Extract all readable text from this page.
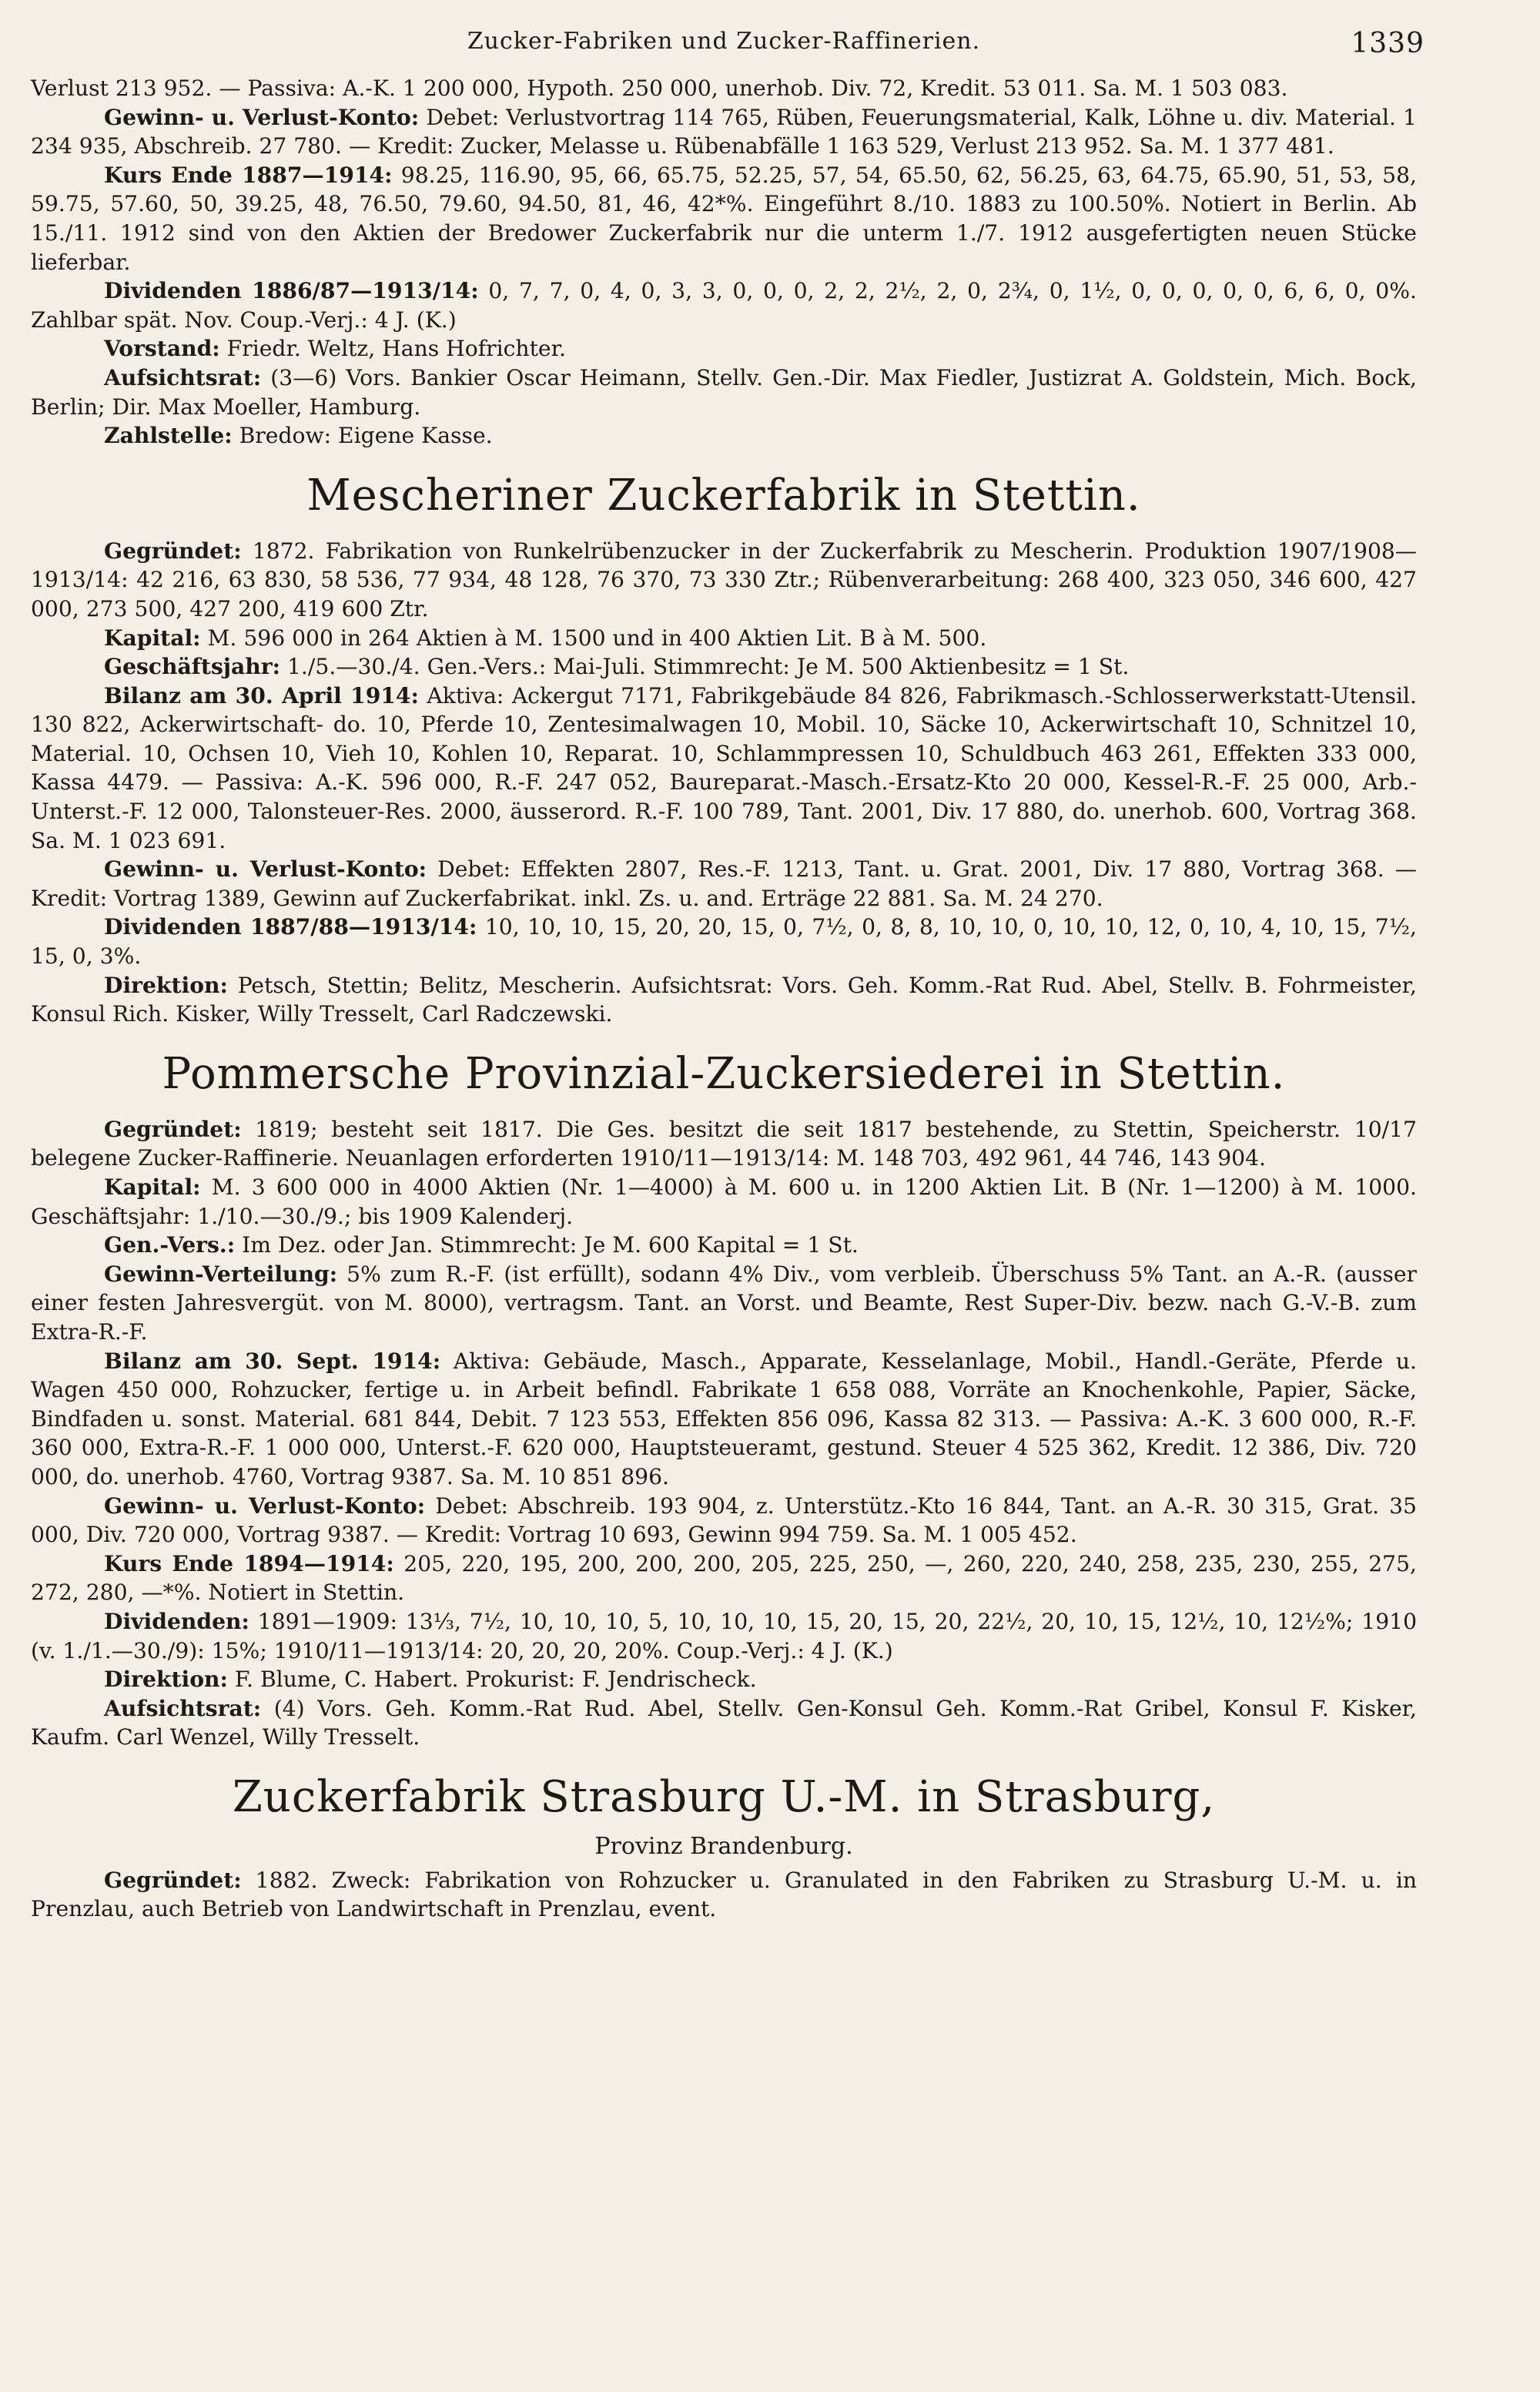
Zucker-Fabriken und Zucker-Raffinerien.	1339

Verlust 213 952. — Passiva: A.-K. 1 200 000, Hypoth. 250 000, unerhob. Div. 72, Kredit. 53 011. Sa. M. 1 503 083.

Gewinn- u. Verlust-Konto: Debet: Verlustvortrag 114 765, Rüben, Feuerungsmaterial, Kalk, Löhne u. div. Material. 1 234 935, Abschreib. 27 780. — Kredit: Zucker, Melasse u. Rübenabfälle 1 163 529, Verlust 213 952. Sa. M. 1 377 481.

Kurs Ende 1887—1914: 98.25, 116.90, 95, 66, 65.75, 52.25, 57, 54, 65.50, 62, 56.25, 63, 64.75, 65.90, 51, 53, 58, 59.75, 57.60, 50, 39.25, 48, 76.50, 79.60, 94.50, 81, 46, 42*%. Eingeführt 8./10. 1883 zu 100.50%. Notiert in Berlin. Ab 15./11. 1912 sind von den Aktien der Bredower Zuckerfabrik nur die unterm 1./7. 1912 ausgefertigten neuen Stücke lieferbar.

Dividenden 1886/87—1913/14: 0, 7, 7, 0, 4, 0, 3, 3, 0, 0, 0, 2, 2, 2½, 2, 0, 2¾, 0, 1½, 0, 0, 0, 0, 0, 6, 6, 0, 0%. Zahlbar spät. Nov. Coup.-Verj.: 4 J. (K.)

Vorstand: Friedr. Weltz, Hans Hofrichter.

Aufsichtsrat: (3—6) Vors. Bankier Oscar Heimann, Stellv. Gen.-Dir. Max Fiedler, Justizrat A. Goldstein, Mich. Bock, Berlin; Dir. Max Moeller, Hamburg.

Zahlstelle: Bredow: Eigene Kasse.

Mescheriner Zuckerfabrik in Stettin.

Gegründet: 1872. Fabrikation von Runkelrübenzucker in der Zuckerfabrik zu Mescherin. Produktion 1907/1908—1913/14: 42 216, 63 830, 58 536, 77 934, 48 128, 76 370, 73 330 Ztr.; Rübenverarbeitung: 268 400, 323 050, 346 600, 427 000, 273 500, 427 200, 419 600 Ztr.

Kapital: M. 596 000 in 264 Aktien à M. 1500 und in 400 Aktien Lit. B à M. 500.

Geschäftsjahr: 1./5.—30./4. Gen.-Vers.: Mai-Juli. Stimmrecht: Je M. 500 Aktienbesitz = 1 St.

Bilanz am 30. April 1914: Aktiva: Ackergut 7171, Fabrikgebäude 84 826, Fabrikmasch.-Schlosserwerkstatt-Utensil. 130 822, Ackerwirtschaft- do. 10, Pferde 10, Zentesimalwagen 10, Mobil. 10, Säcke 10, Ackerwirtschaft 10, Schnitzel 10, Material. 10, Ochsen 10, Vieh 10, Kohlen 10, Reparat. 10, Schlammpressen 10, Schuldbuch 463 261, Effekten 333 000, Kassa 4479. — Passiva: A.-K. 596 000, R.-F. 247 052, Baureparat.-Masch.-Ersatz-Kto 20 000, Kessel-R.-F. 25 000, Arb.-Unterst.-F. 12 000, Talonsteuer-Res. 2000, äusserord. R.-F. 100 789, Tant. 2001, Div. 17 880, do. unerhob. 600, Vortrag 368. Sa. M. 1 023 691.

Gewinn- u. Verlust-Konto: Debet: Effekten 2807, Res.-F. 1213, Tant. u. Grat. 2001, Div. 17 880, Vortrag 368. — Kredit: Vortrag 1389, Gewinn auf Zuckerfabrikat. inkl. Zs. u. and. Erträge 22 881. Sa. M. 24 270.

Dividenden 1887/88—1913/14: 10, 10, 10, 15, 20, 20, 15, 0, 7½, 0, 8, 8, 10, 10, 0, 10, 10, 12, 0, 10, 4, 10, 15, 7½, 15, 0, 3%.

Direktion: Petsch, Stettin; Belitz, Mescherin. Aufsichtsrat: Vors. Geh. Komm.-Rat Rud. Abel, Stellv. B. Fohrmeister, Konsul Rich. Kisker, Willy Tresselt, Carl Radczewski.

Pommersche Provinzial-Zuckersiederei in Stettin.

Gegründet: 1819; besteht seit 1817. Die Ges. besitzt die seit 1817 bestehende, zu Stettin, Speicherstr. 10/17 belegene Zucker-Raffinerie. Neuanlagen erforderten 1910/11—1913/14: M. 148 703, 492 961, 44 746, 143 904.

Kapital: M. 3 600 000 in 4000 Aktien (Nr. 1—4000) à M. 600 u. in 1200 Aktien Lit. B (Nr. 1—1200) à M. 1000. Geschäftsjahr: 1./10.—30./9.; bis 1909 Kalenderj.

Gen.-Vers.: Im Dez. oder Jan. Stimmrecht: Je M. 600 Kapital = 1 St.

Gewinn-Verteilung: 5% zum R.-F. (ist erfüllt), sodann 4% Div., vom verbleib. Überschuss 5% Tant. an A.-R. (ausser einer festen Jahresvergüt. von M. 8000), vertragsm. Tant. an Vorst. und Beamte, Rest Super-Div. bezw. nach G.-V.-B. zum Extra-R.-F.

Bilanz am 30. Sept. 1914: Aktiva: Gebäude, Masch., Apparate, Kesselanlage, Mobil., Handl.-Geräte, Pferde u. Wagen 450 000, Rohzucker, fertige u. in Arbeit befindl. Fabrikate 1 658 088, Vorräte an Knochenkohle, Papier, Säcke, Bindfaden u. sonst. Material. 681 844, Debit. 7 123 553, Effekten 856 096, Kassa 82 313. — Passiva: A.-K. 3 600 000, R.-F. 360 000, Extra-R.-F. 1 000 000, Unterst.-F. 620 000, Hauptsteueramt, gestund. Steuer 4 525 362, Kredit. 12 386, Div. 720 000, do. unerhob. 4760, Vortrag 9387. Sa. M. 10 851 896.

Gewinn- u. Verlust-Konto: Debet: Abschreib. 193 904, z. Unterstütz.-Kto 16 844, Tant. an A.-R. 30 315, Grat. 35 000, Div. 720 000, Vortrag 9387. — Kredit: Vortrag 10 693, Gewinn 994 759. Sa. M. 1 005 452.

Kurs Ende 1894—1914: 205, 220, 195, 200, 200, 200, 205, 225, 250, —, 260, 220, 240, 258, 235, 230, 255, 275, 272, 280, —*%. Notiert in Stettin.

Dividenden: 1891—1909: 13⅓, 7½, 10, 10, 10, 5, 10, 10, 10, 15, 20, 15, 20, 22½, 20, 10, 15, 12½, 10, 12½%; 1910 (v. 1./1.—30./9): 15%; 1910/11—1913/14: 20, 20, 20, 20%. Coup.-Verj.: 4 J. (K.)

Direktion: F. Blume, C. Habert. Prokurist: F. Jendrischeck.

Aufsichtsrat: (4) Vors. Geh. Komm.-Rat Rud. Abel, Stellv. Gen-Konsul Geh. Komm.-Rat Gribel, Konsul F. Kisker, Kaufm. Carl Wenzel, Willy Tresselt.

Zuckerfabrik Strasburg U.-M. in Strasburg,
Provinz Brandenburg.

Gegründet: 1882. Zweck: Fabrikation von Rohzucker u. Granulated in den Fabriken zu Strasburg U.-M. u. in Prenzlau, auch Betrieb von Landwirtschaft in Prenzlau, event.
